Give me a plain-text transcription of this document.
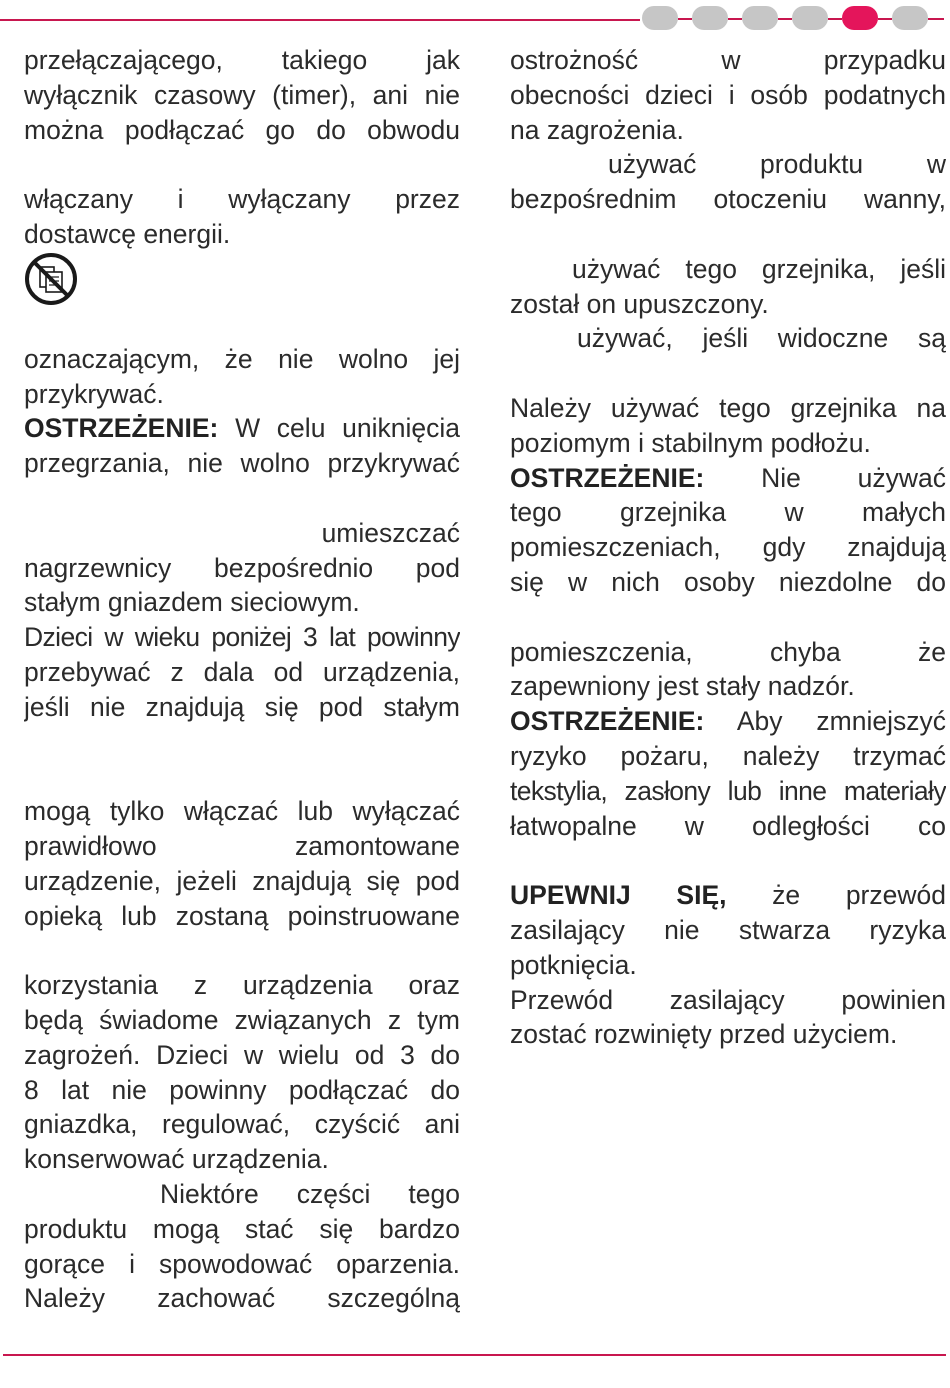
przełączającego, takiego jak
wyłącznik czasowy (timer), ani nie
można podłączać go do obwodu
włączany i wyłączany przez
dostawcę energii.
oznaczającym, że nie wolno jej
przykrywać.
OSTRZEŻENIE: W celu uniknięcia
przegrzania, nie wolno przykrywać
umieszczać
nagrzewnicy bezpośrednio pod
stałym gniazdem sieciowym.
Dzieci w wieku poniżej 3 lat powinny
przebywać z dala od urządzenia,
jeśli nie znajdują się pod stałym
mogą tylko włączać lub wyłączać
prawidłowo zamontowane
urządzenie, jeżeli znajdują się pod
opieką lub zostaną poinstruowane
korzystania z urządzenia oraz
będą świadome związanych z tym
zagrożeń. Dzieci w wielu od 3 do
8 lat nie powinny podłączać do
gniazdka, regulować, czyścić ani
konserwować urządzenia.
Niektóre części tego
produktu mogą stać się bardzo
gorące i spowodować oparzenia.
Należy zachować szczególną
ostrożność w przypadku
obecności dzieci i osób podatnych
na zagrożenia.
używać produktu w
bezpośrednim otoczeniu wanny,
używać tego grzejnika, jeśli
został on upuszczony.
używać, jeśli widoczne są
Należy używać tego grzejnika na
poziomym i stabilnym podłożu.
OSTRZEŻENIE: Nie używać
tego grzejnika w małych
pomieszczeniach, gdy znajdują
się w nich osoby niezdolne do
pomieszczenia, chyba że
zapewniony jest stały nadzór.
OSTRZEŻENIE: Aby zmniejszyć
ryzyko pożaru, należy trzymać
tekstylia, zasłony lub inne materiały
łatwopalne w odległości co
UPEWNIJ SIĘ, że przewód
zasilający nie stwarza ryzyka
potknięcia.
Przewód zasilający powinien
zostać rozwinięty przed użyciem.
